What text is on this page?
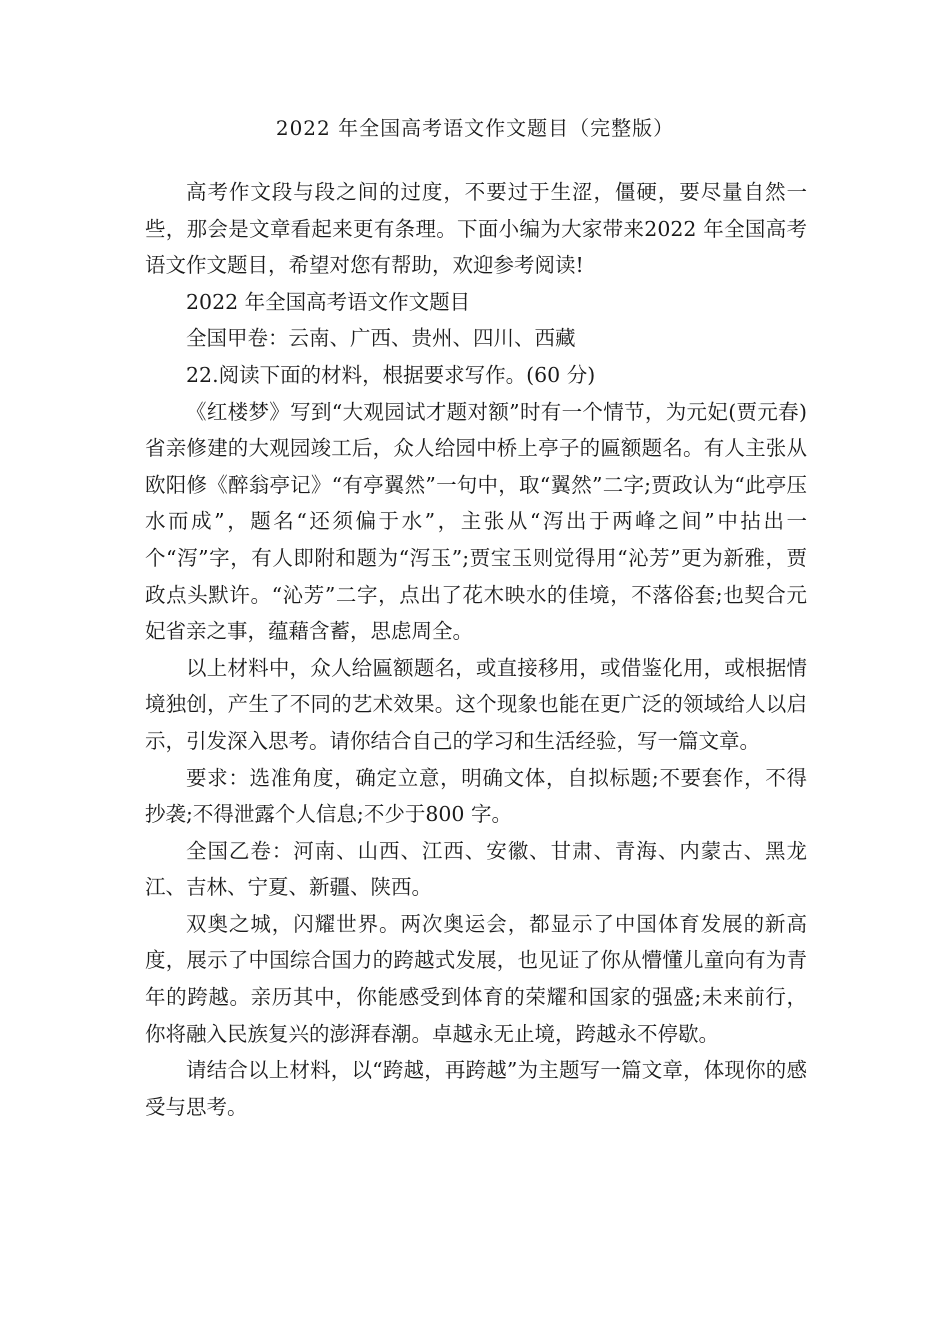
2022 年全国高考语文作文题目（完整版）

高考作文段与段之间的过度，不要过于生涩，僵硬，要尽量自然一些，那会是文章看起来更有条理。下面小编为大家带来2022 年全国高考语文作文题目，希望对您有帮助，欢迎参考阅读!

2022 年全国高考语文作文题目

全国甲卷：云南、广西、贵州、四川、西藏

22.阅读下面的材料，根据要求写作。(60 分)

《红楼梦》写到“大观园试才题对额”时有一个情节，为元妃(贾元春)省亲修建的大观园竣工后，众人给园中桥上亭子的匾额题名。有人主张从欧阳修《醉翁亭记》“有亭翼然”一句中，取“翼然”二字;贾政认为“此亭压水而成”，题名“还须偏于水”，主张从“泻出于两峰之间”中拈出一个“泻”字，有人即附和题为“泻玉”;贾宝玉则觉得用“沁芳”更为新雅，贾政点头默许。“沁芳”二字，点出了花木映水的佳境，不落俗套;也契合元妃省亲之事，蕴藉含蓄，思虑周全。

以上材料中，众人给匾额题名，或直接移用，或借鉴化用，或根据情境独创，产生了不同的艺术效果。这个现象也能在更广泛的领域给人以启示，引发深入思考。请你结合自己的学习和生活经验，写一篇文章。

要求：选准角度，确定立意，明确文体，自拟标题;不要套作，不得抄袭;不得泄露个人信息;不少于800 字。

全国乙卷：河南、山西、江西、安徽、甘肃、青海、内蒙古、黑龙江、吉林、宁夏、新疆、陕西。

双奥之城，闪耀世界。两次奥运会，都显示了中国体育发展的新高度，展示了中国综合国力的跨越式发展，也见证了你从懵懂儿童向有为青年的跨越。亲历其中，你能感受到体育的荣耀和国家的强盛;未来前行，你将融入民族复兴的澎湃春潮。卓越永无止境，跨越永不停歇。

请结合以上材料，以“跨越，再跨越”为主题写一篇文章，体现你的感受与思考。
